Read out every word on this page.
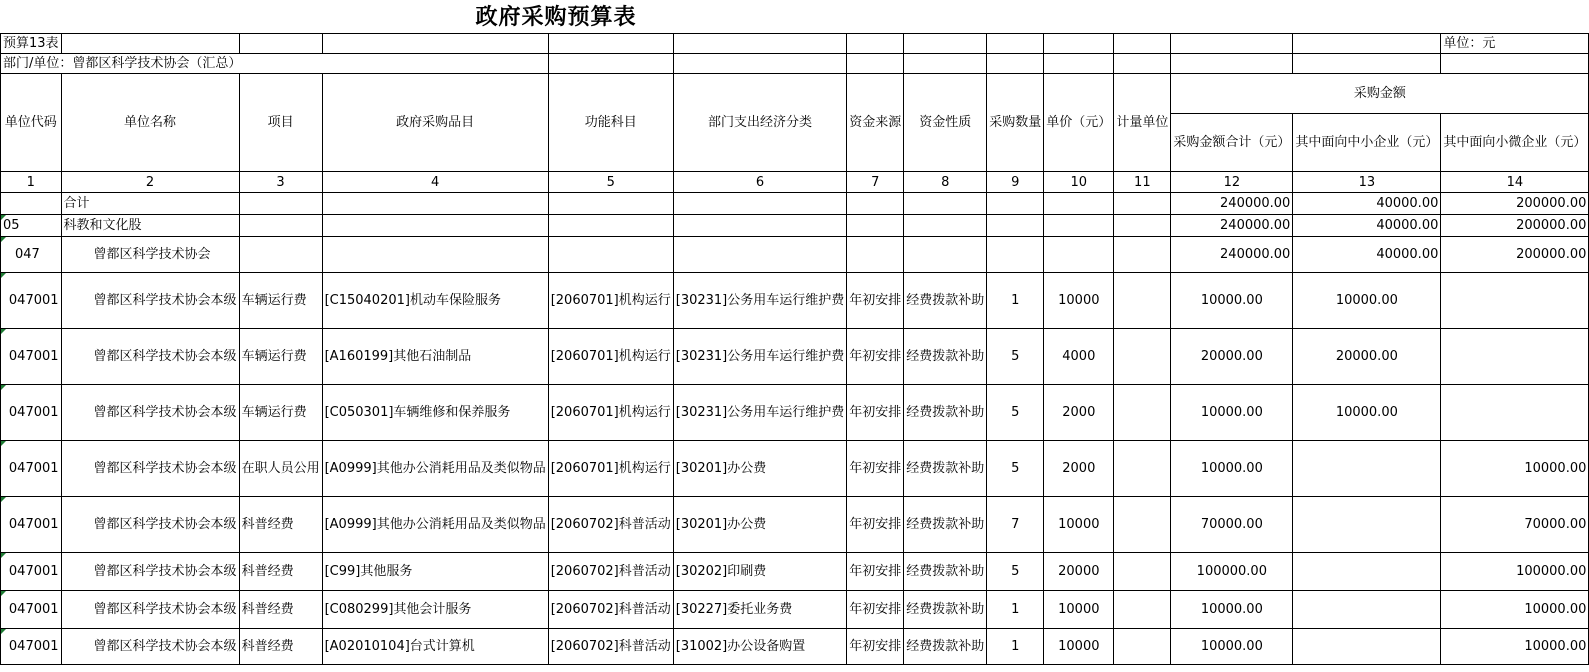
政府采购预算表
预算13表													单位：元
部门/单位：曾都区科学技术协会（汇总）													
单位代码	单位名称	项目	政府采购品目	功能科目	部门支出经济分类	资金来源	资金性质	采购数量	单价（元）	计量单位	采购金额		
											采购金额合计（元）	其中面向中小企业（元）	其中面向小微企业（元）
1	2	3	4	5	6	7	8	9	10	11	12	13	14
	合计										240000.00	40000.00	200000.00
05	科教和文化股										240000.00	40000.00	200000.00
047	曾都区科学技术协会										240000.00	40000.00	200000.00
047001	曾都区科学技术协会本级	车辆运行费	[C15040201]机动车保险服务	[2060701]机构运行	[30231]公务用车运行维护费	年初安排	经费拨款补助	1	10000		10000.00	10000.00	
047001	曾都区科学技术协会本级	车辆运行费	[A160199]其他石油制品	[2060701]机构运行	[30231]公务用车运行维护费	年初安排	经费拨款补助	5	4000		20000.00	20000.00	
047001	曾都区科学技术协会本级	车辆运行费	[C050301]车辆维修和保养服务	[2060701]机构运行	[30231]公务用车运行维护费	年初安排	经费拨款补助	5	2000		10000.00	10000.00	
047001	曾都区科学技术协会本级	在职人员公用	[A0999]其他办公消耗用品及类似物品	[2060701]机构运行	[30201]办公费	年初安排	经费拨款补助	5	2000		10000.00		10000.00
047001	曾都区科学技术协会本级	科普经费	[A0999]其他办公消耗用品及类似物品	[2060702]科普活动	[30201]办公费	年初安排	经费拨款补助	7	10000		70000.00		70000.00
047001	曾都区科学技术协会本级	科普经费	[C99]其他服务	[2060702]科普活动	[30202]印刷费	年初安排	经费拨款补助	5	20000		100000.00		100000.00
047001	曾都区科学技术协会本级	科普经费	[C080299]其他会计服务	[2060702]科普活动	[30227]委托业务费	年初安排	经费拨款补助	1	10000		10000.00		10000.00
047001	曾都区科学技术协会本级	科普经费	[A02010104]台式计算机	[2060702]科普活动	[31002]办公设备购置	年初安排	经费拨款补助	1	10000		10000.00		10000.00
